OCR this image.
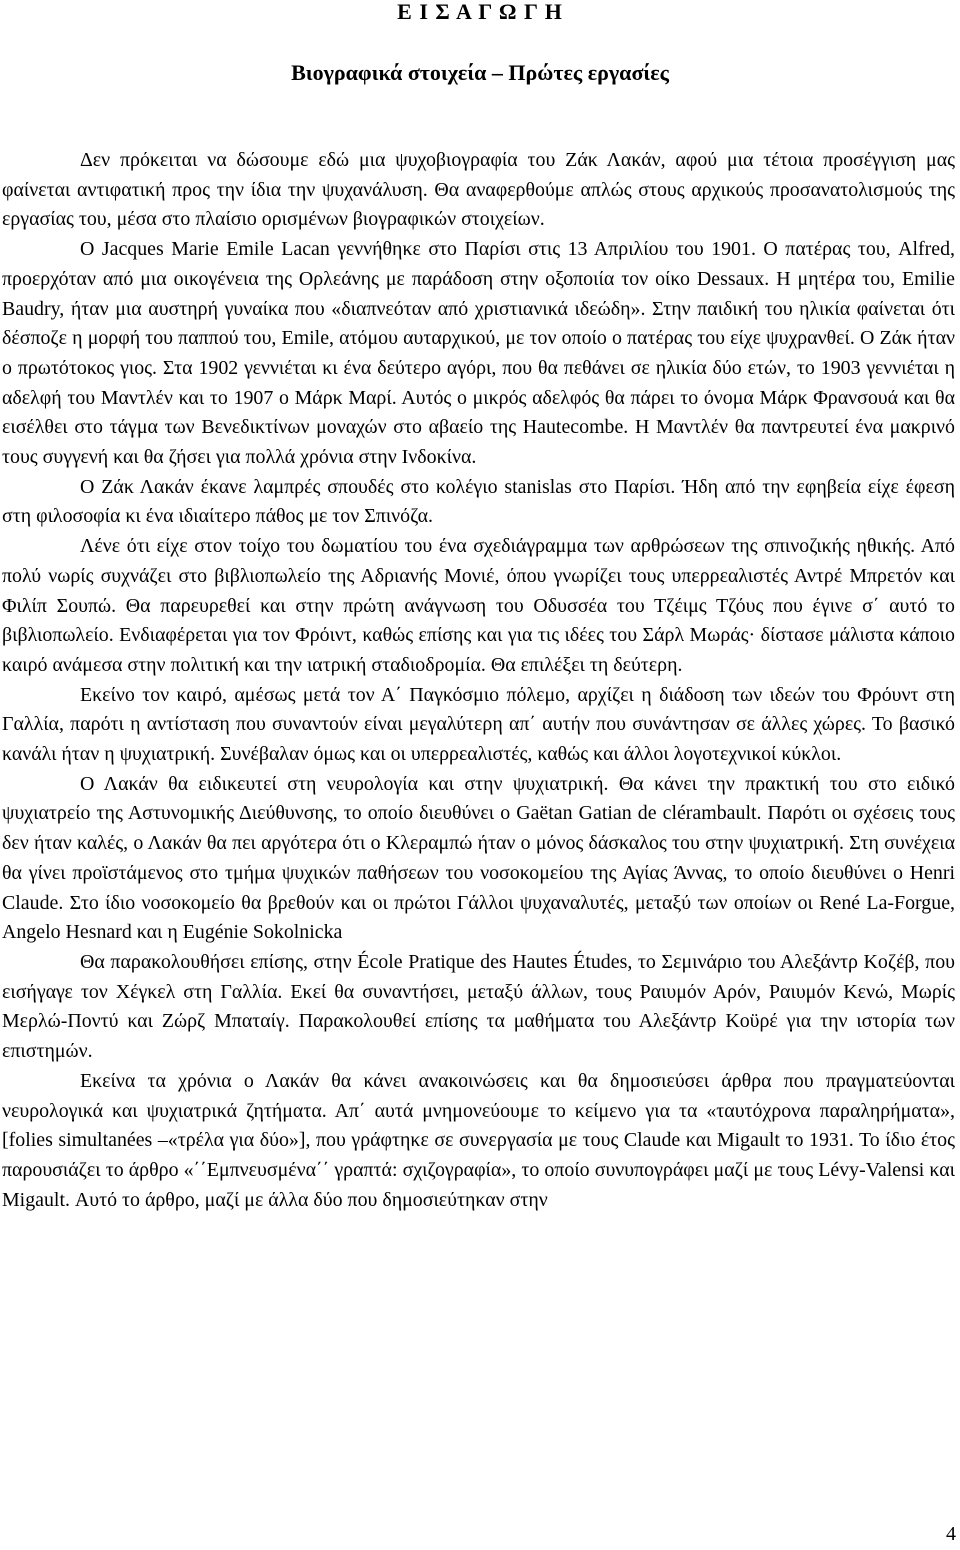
Ε Ι Σ Α Γ Ω Γ Η
Βιογραφικά στοιχεία – Πρώτες εργασίες

Δεν πρόκειται να δώσουμε εδώ μια ψυχοβιογραφία του Ζάκ Λακάν, αφού μια τέτοια προσέγγιση μας φαίνεται αντιφατική προς την ίδια την ψυχανάλυση. Θα αναφερθούμε απλώς στους αρχικούς προσανατολισμούς της εργασίας του, μέσα στο πλαίσιο ορισμένων βιογραφικών στοιχείων.

Ο Jacques Marie Emile Lacan γεννήθηκε στο Παρίσι στις 13 Απριλίου του 1901. Ο πατέρας του, Alfred, προερχόταν από μια οικογένεια της Ορλεάνης με παράδοση στην οξοποιία τον οίκο Dessaux. Η μητέρα του, Emilie Baudry, ήταν μια αυστηρή γυναίκα που «διαπνεόταν από χριστιανικά ιδεώδη». Στην παιδική του ηλικία φαίνεται ότι δέσποζε η μορφή του παππού του, Emile, ατόμου αυταρχικού, με τον οποίο ο πατέρας του είχε ψυχρανθεί. Ο Ζάκ ήταν ο πρωτότοκος γιος. Στα 1902 γεννιέται κι ένα δεύτερο αγόρι, που θα πεθάνει σε ηλικία δύο ετών, το 1903 γεννιέται η αδελφή του Μαντλέν και το 1907 ο Μάρκ Μαρί. Αυτός ο μικρός αδελφός θα πάρει το όνομα Μάρκ Φρανσουά και θα εισέλθει στο τάγμα των Βενεδικτίνων μοναχών στο αβαείο της Hautecombe. Η Μαντλέν θα παντρευτεί ένα μακρινό τους συγγενή και θα ζήσει για πολλά χρόνια στην Ινδοκίνα.

Ο Ζάκ Λακάν έκανε λαμπρές σπουδές στο κολέγιο stanislas στο Παρίσι. Ήδη από την εφηβεία είχε έφεση στη φιλοσοφία κι ένα ιδιαίτερο πάθος με τον Σπινόζα.

Λένε ότι είχε στον τοίχο του δωματίου του ένα σχεδιάγραμμα των αρθρώσεων της σπινοζικής ηθικής. Από πολύ νωρίς συχνάζει στο βιβλιοπωλείο της Αδριανής Μονιέ, όπου γνωρίζει τους υπερρεαλιστές Αντρέ Μπρετόν και Φιλίπ Σουπώ. Θα παρευρεθεί και στην πρώτη ανάγνωση του Οδυσσέα του Τζέιμς Τζόυς που έγινε σ΄ αυτό το βιβλιοπωλείο. Ενδιαφέρεται για τον Φρόιντ, καθώς επίσης και για τις ιδέες του Σάρλ Μωράς· δίστασε μάλιστα κάποιο καιρό ανάμεσα στην πολιτική και την ιατρική σταδιοδρομία. Θα επιλέξει τη δεύτερη.

Εκείνο τον καιρό, αμέσως μετά τον Α΄ Παγκόσμιο πόλεμο, αρχίζει η διάδοση των ιδεών του Φρόυντ στη Γαλλία, παρότι η αντίσταση που συναντούν είναι μεγαλύτερη απ΄ αυτήν που συνάντησαν σε άλλες χώρες. Το βασικό κανάλι ήταν η ψυχιατρική. Συνέβαλαν όμως και οι υπερρεαλιστές, καθώς και άλλοι λογοτεχνικοί κύκλοι.

Ο Λακάν θα ειδικευτεί στη νευρολογία και στην ψυχιατρική. Θα κάνει την πρακτική του στο ειδικό ψυχιατρείο της Αστυνομικής Διεύθυνσης, το οποίο διευθύνει ο Gaëtan Gatian de clérambault. Παρότι οι σχέσεις τους δεν ήταν καλές, ο Λακάν θα πει αργότερα ότι ο Κλεραμπώ ήταν ο μόνος δάσκαλος του στην ψυχιατρική. Στη συνέχεια θα γίνει προϊστάμενος στο τμήμα ψυχικών παθήσεων του νοσοκομείου της Αγίας Άννας, το οποίο διευθύνει ο Henri Claude. Στο ίδιο νοσοκομείο θα βρεθούν και οι πρώτοι Γάλλοι ψυχαναλυτές, μεταξύ των οποίων οι René La-Forgue, Angelo Hesnard και η Eugénie Sokolnicka

Θα παρακολουθήσει επίσης, στην École Pratique des Hautes Études, το Σεμινάριο του Αλεξάντρ Κοζέβ, που εισήγαγε τον Χέγκελ στη Γαλλία. Εκεί θα συναντήσει, μεταξύ άλλων, τους Ραιυμόν Αρόν, Ραιυμόν Κενώ, Μωρίς Μερλώ-Ποντύ και Ζώρζ Μπαταίγ. Παρακολουθεί επίσης τα μαθήματα του Αλεξάντρ Κοϋρέ για την ιστορία των επιστημών.

Εκείνα τα χρόνια ο Λακάν θα κάνει ανακοινώσεις και θα δημοσιεύσει άρθρα που πραγματεύονται νευρολογικά και ψυχιατρικά ζητήματα. Απ΄ αυτά μνημονεύουμε το κείμενο για τα «ταυτόχρονα παραληρήματα», [folies simultanées –«τρέλα για δύο»], που γράφτηκε σε συνεργασία με τους Claude και Migault το 1931. Το ίδιο έτος παρουσιάζει το άρθρο «΄΄Εμπνευσμένα΄΄ γραπτά: σχιζογραφία», το οποίο συνυπογράφει μαζί με τους Lévy-Valensi και Migault. Αυτό το άρθρο, μαζί με άλλα δύο που δημοσιεύτηκαν στην

4
